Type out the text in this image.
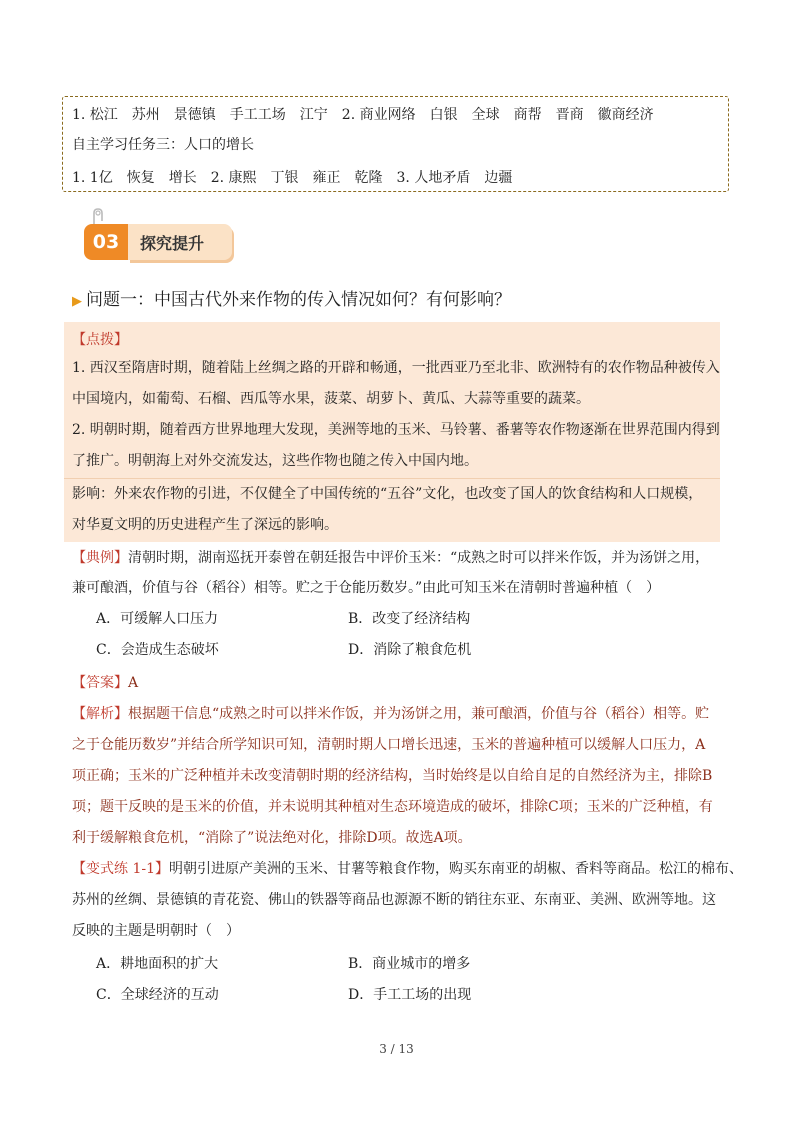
1. 松江　苏州　景德镇　手工工场　江宁　2. 商业网络　白银　全球　商帮　晋商　徽商经济
自主学习任务三：人口的增长
1. 1亿　恢复　增长　2. 康熙　丁银　雍正　乾隆　3. 人地矛盾　边疆
03	探究提升
▶ 问题一：中国古代外来作物的传入情况如何？有何影响？
【点拨】
1. 西汉至隋唐时期，随着陆上丝绸之路的开辟和畅通，一批西亚乃至北非、欧洲特有的农作物品种被传入
中国境内，如葡萄、石榴、西瓜等水果，菠菜、胡萝卜、黄瓜、大蒜等重要的蔬菜。
2. 明朝时期，随着西方世界地理大发现，美洲等地的玉米、马铃薯、番薯等农作物逐渐在世界范围内得到
了推广。明朝海上对外交流发达，这些作物也随之传入中国内地。
影响：外来农作物的引进，不仅健全了中国传统的“五谷”文化，也改变了国人的饮食结构和人口规模，
对华夏文明的历史进程产生了深远的影响。
【典例】清朝时期，湖南巡抚开泰曾在朝廷报告中评价玉米：“成熟之时可以拌米作饭，并为汤饼之用，
兼可酿酒，价值与谷（稻谷）相等。贮之于仓能历数岁。”由此可知玉米在清朝时普遍种植（　）
A．可缓解人口压力	B．改变了经济结构
C．会造成生态破坏	D．消除了粮食危机
【答案】A
【解析】根据题干信息“成熟之时可以拌米作饭，并为汤饼之用，兼可酿酒，价值与谷（稻谷）相等。贮
之于仓能历数岁”并结合所学知识可知，清朝时期人口增长迅速，玉米的普遍种植可以缓解人口压力，A
项正确；玉米的广泛种植并未改变清朝时期的经济结构，当时始终是以自给自足的自然经济为主，排除B
项；题干反映的是玉米的价值，并未说明其种植对生态环境造成的破坏，排除C项；玉米的广泛种植，有
利于缓解粮食危机，“消除了”说法绝对化，排除D项。故选A项。
【变式练 1-1】明朝引进原产美洲的玉米、甘薯等粮食作物，购买东南亚的胡椒、香料等商品。松江的棉布、
苏州的丝绸、景德镇的青花瓷、佛山的铁器等商品也源源不断的销往东亚、东南亚、美洲、欧洲等地。这
反映的主题是明朝时（　）
A．耕地面积的扩大	B．商业城市的增多
C．全球经济的互动	D．手工工场的出现
3 / 13
